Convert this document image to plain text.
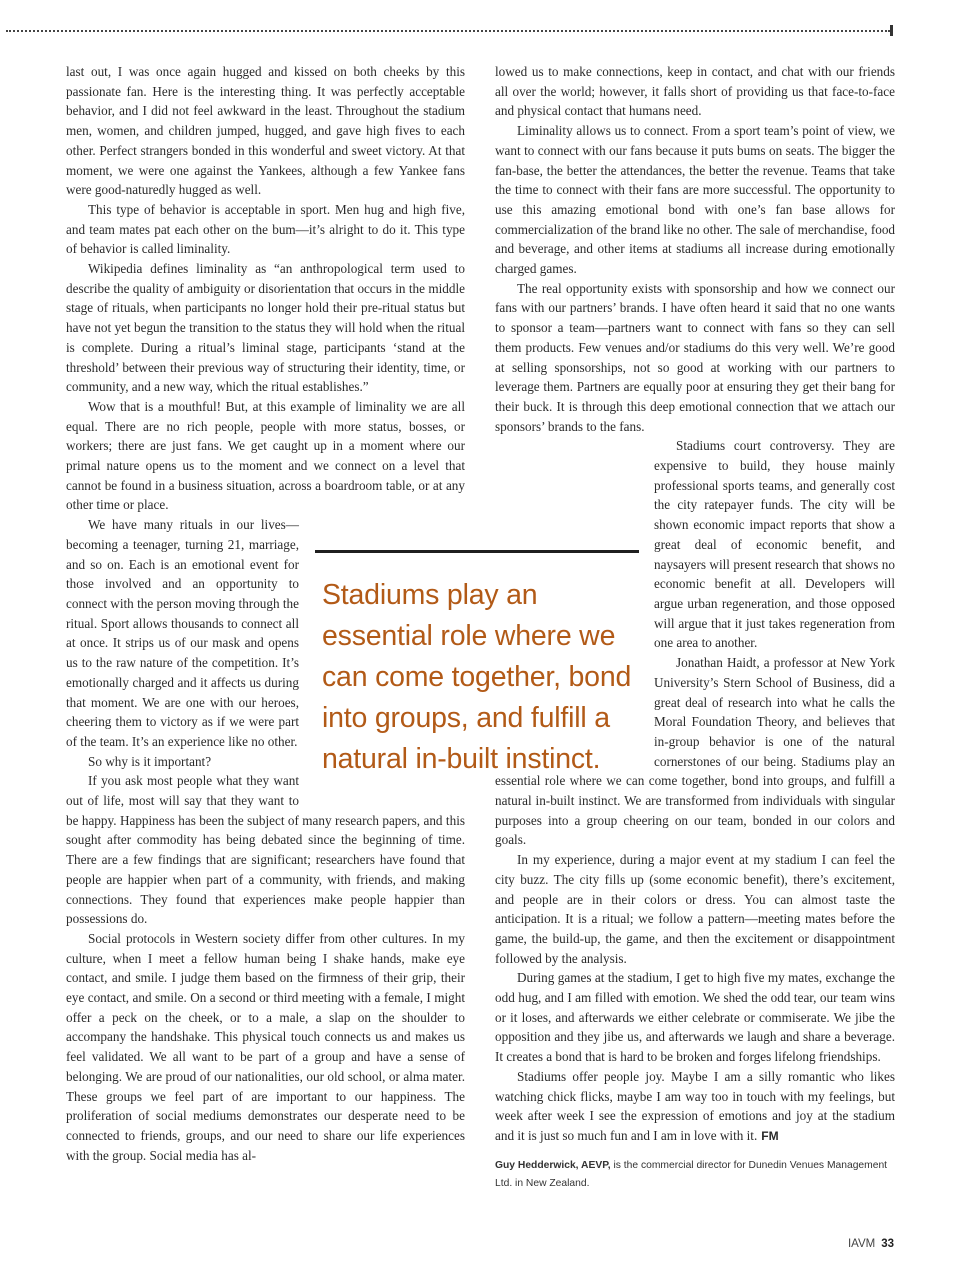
last out, I was once again hugged and kissed on both cheeks by this passionate fan. Here is the interesting thing. It was perfectly acceptable behavior, and I did not feel awkward in the least. Throughout the stadium men, women, and children jumped, hugged, and gave high fives to each other. Perfect strangers bonded in this wonderful and sweet victory. At that moment, we were one against the Yankees, although a few Yankee fans were good-naturedly hugged as well.

This type of behavior is acceptable in sport. Men hug and high five, and team mates pat each other on the bum—it’s alright to do it. This type of behavior is called liminality.

Wikipedia defines liminality as “an anthropological term used to describe the quality of ambiguity or disorientation that occurs in the middle stage of rituals, when participants no longer hold their pre-ritual status but have not yet begun the transition to the status they will hold when the ritual is complete. During a ritual’s liminal stage, participants ‘stand at the threshold’ between their previous way of structuring their identity, time, or community, and a new way, which the ritual establishes.”

Wow that is a mouthful! But, at this example of liminality we are all equal. There are no rich people, people with more status, bosses, or workers; there are just fans. We get caught up in a moment where our primal nature opens us to the moment and we connect on a level that cannot be found in a business situation, across a boardroom table, or at any other time or place.

We have many rituals in our lives—becoming a teenager, turning 21, marriage, and so on. Each is an emotional event for those involved and an opportunity to connect with the person moving through the ritual. Sport allows thousands to connect all at once. It strips us of our mask and opens us to the raw nature of the competition. It’s emotionally charged and it affects us during that moment. We are one with our heroes, cheering them to victory as if we were part of the team. It’s an experience like no other.

So why is it important?

If you ask most people what they want out of life, most will say that they want to be happy. Happiness has been the subject of many research papers, and this sought after commodity has being debated since the beginning of time. There are a few findings that are significant; researchers have found that people are happier when part of a community, with friends, and making connections. They found that experiences make people happier than possessions do.

Social protocols in Western society differ from other cultures. In my culture, when I meet a fellow human being I shake hands, make eye contact, and smile. I judge them based on the firmness of their grip, their eye contact, and smile. On a second or third meeting with a female, I might offer a peck on the cheek, or to a male, a slap on the shoulder to accompany the handshake. This physical touch connects us and makes us feel validated. We all want to be part of a group and have a sense of belonging. We are proud of our nationalities, our old school, or alma mater. These groups we feel part of are important to our happiness. The proliferation of social mediums demonstrates our desperate need to be connected to friends, groups, and our need to share our life experiences with the group. Social media has al-

lowed us to make connections, keep in contact, and chat with our friends all over the world; however, it falls short of providing us that face-to-face and physical contact that humans need.

Liminality allows us to connect. From a sport team’s point of view, we want to connect with our fans because it puts bums on seats. The bigger the fan-base, the better the attendances, the better the revenue. Teams that take the time to connect with their fans are more successful. The opportunity to use this amazing emotional bond with one’s fan base allows for commercialization of the brand like no other. The sale of merchandise, food and beverage, and other items at stadiums all increase during emotionally charged games.

The real opportunity exists with sponsorship and how we connect our fans with our partners’ brands. I have often heard it said that no one wants to sponsor a team—partners want to connect with fans so they can sell them products. Few venues and/or stadiums do this very well. We’re good at selling sponsorships, not so good at working with our partners to leverage them. Partners are equally poor at ensuring they get their bang for their buck. It is through this deep emotional connection that we attach our sponsors’ brands to the fans.

Stadiums court controversy. They are expensive to build, they house mainly professional sports teams, and generally cost the city ratepayer funds. The city will be shown economic impact reports that show a great deal of economic benefit, and naysayers will present research that shows no economic benefit at all. Developers will argue urban regeneration, and those opposed will argue that it just takes regeneration from one area to another.

Jonathan Haidt, a professor at New York University’s Stern School of Business, did a great deal of research into what he calls the Moral Foundation Theory, and believes that in-group behavior is one of the natural cornerstones of our being. Stadiums play an essential role where we can come together, bond into groups, and fulfill a natural in-built instinct. We are transformed from individuals with singular purposes into a group cheering on our team, bonded in our colors and goals.

In my experience, during a major event at my stadium I can feel the city buzz. The city fills up (some economic benefit), there’s excitement, and people are in their colors or dress. You can almost taste the anticipation. It is a ritual; we follow a pattern—meeting mates before the game, the build-up, the game, and then the excitement or disappointment followed by the analysis.

During games at the stadium, I get to high five my mates, exchange the odd hug, and I am filled with emotion. We shed the odd tear, our team wins or it loses, and afterwards we either celebrate or commiserate. We jibe the opposition and they jibe us, and afterwards we laugh and share a beverage. It creates a bond that is hard to be broken and forges lifelong friendships.

Stadiums offer people joy. Maybe I am a silly romantic who likes watching chick flicks, maybe I am way too in touch with my feelings, but week after week I see the expression of emotions and joy at the stadium and it is just so much fun and I am in love with it. FM

Guy Hedderwick, AEVP, is the commercial director for Dunedin Venues Management Ltd. in New Zealand.
Stadiums play an essential role where we can come together, bond into groups, and fulfill a natural in-built instinct.
IAVM 33
